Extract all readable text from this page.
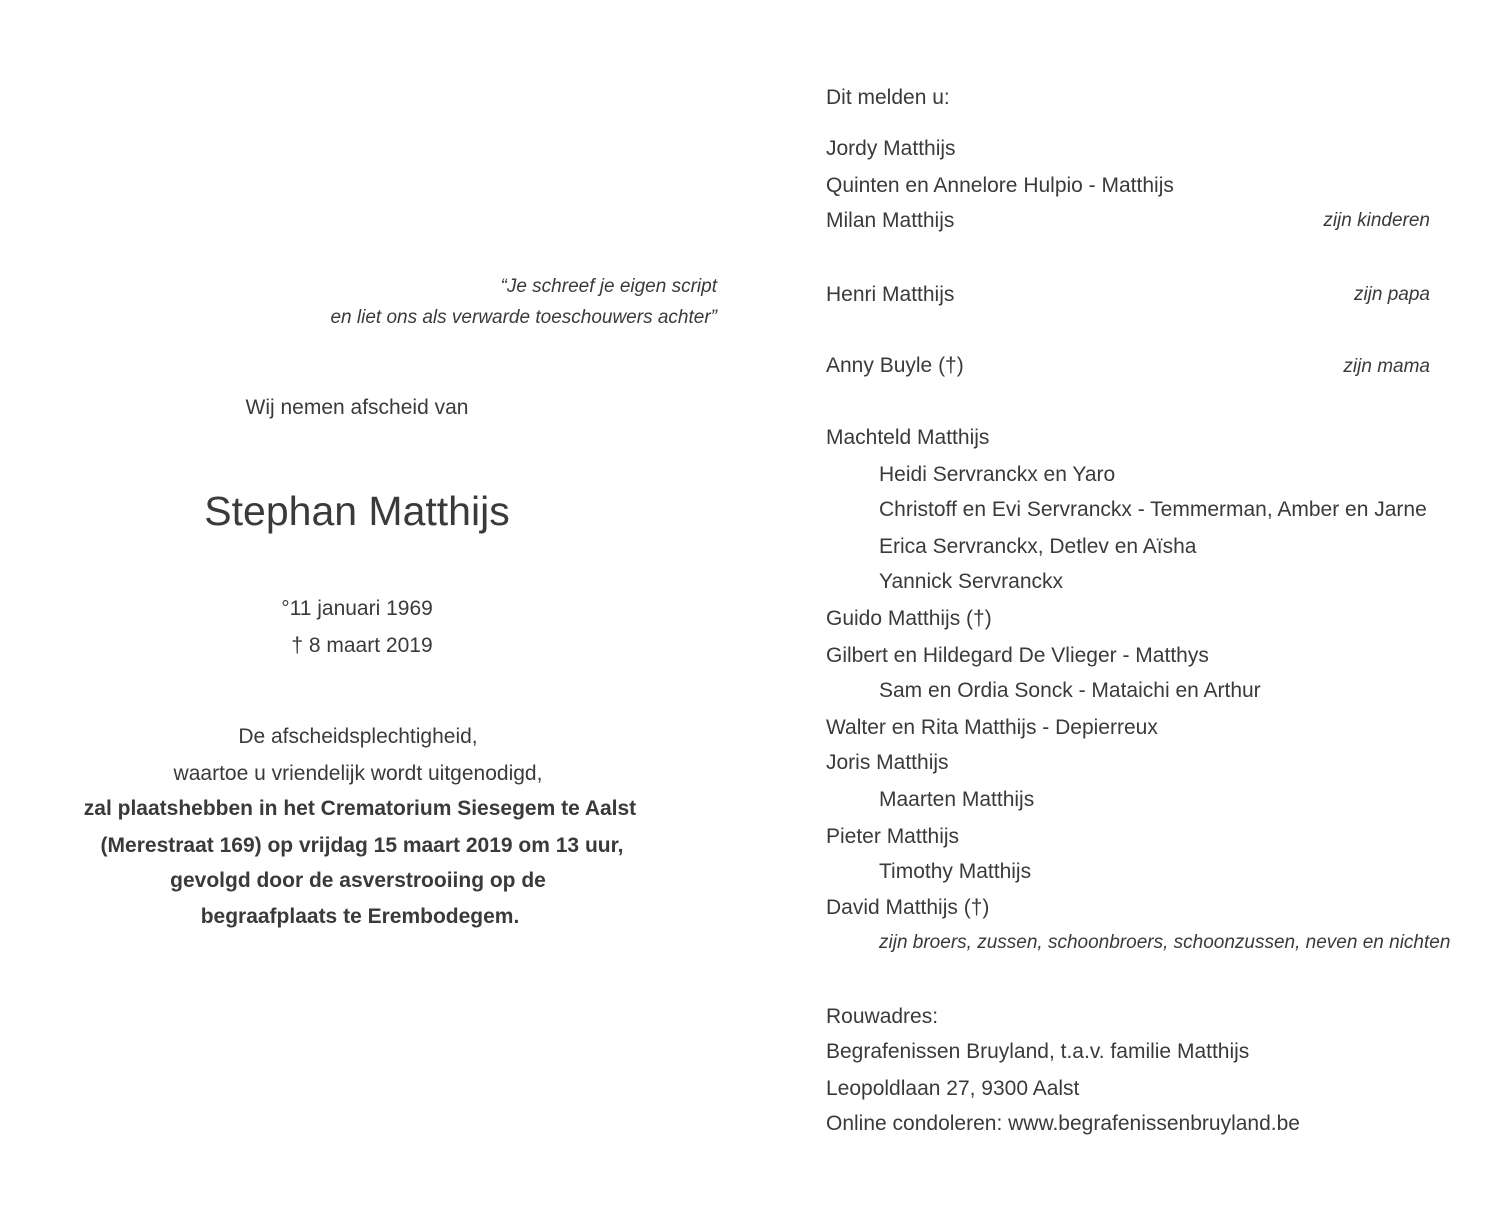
“Je schreef je eigen script
en liet ons als verwarde toeschouwers achter”
Wij nemen afscheid van
Stephan Matthijs
°11 januari 1969
† 8 maart 2019
De afscheidsplechtigheid,
waartoe u vriendelijk wordt uitgenodigd,
zal plaatshebben in het Crematorium Siesegem te Aalst
(Merestraat 169) op vrijdag 15 maart 2019 om 13 uur,
gevolgd door de asverstrooiing op de
begraafplaats te Erembodegem.
Dit melden u:
Jordy Matthijs
Quinten en Annelore Hulpio - Matthijs
Milan Matthijs	zijn kinderen
Henri Matthijs	zijn papa
Anny Buyle (†)	zijn mama
Machteld Matthijs
Heidi Servranckx en Yaro
Christoff en Evi Servranckx - Temmerman, Amber en Jarne
Erica Servranckx, Detlev en Aïsha
Yannick Servranckx
Guido Matthijs (†)
Gilbert en Hildegard De Vlieger - Matthys
Sam en Ordia Sonck - Mataichi en Arthur
Walter en Rita Matthijs - Depierreux
Joris Matthijs
Maarten Matthijs
Pieter Matthijs
Timothy Matthijs
David Matthijs (†)
zijn broers, zussen, schoonbroers, schoonzussen, neven en nichten
Rouwadres:
Begrafenissen Bruyland, t.a.v. familie Matthijs
Leopoldlaan 27, 9300 Aalst
Online condoleren: www.begrafenissenbruyland.be
